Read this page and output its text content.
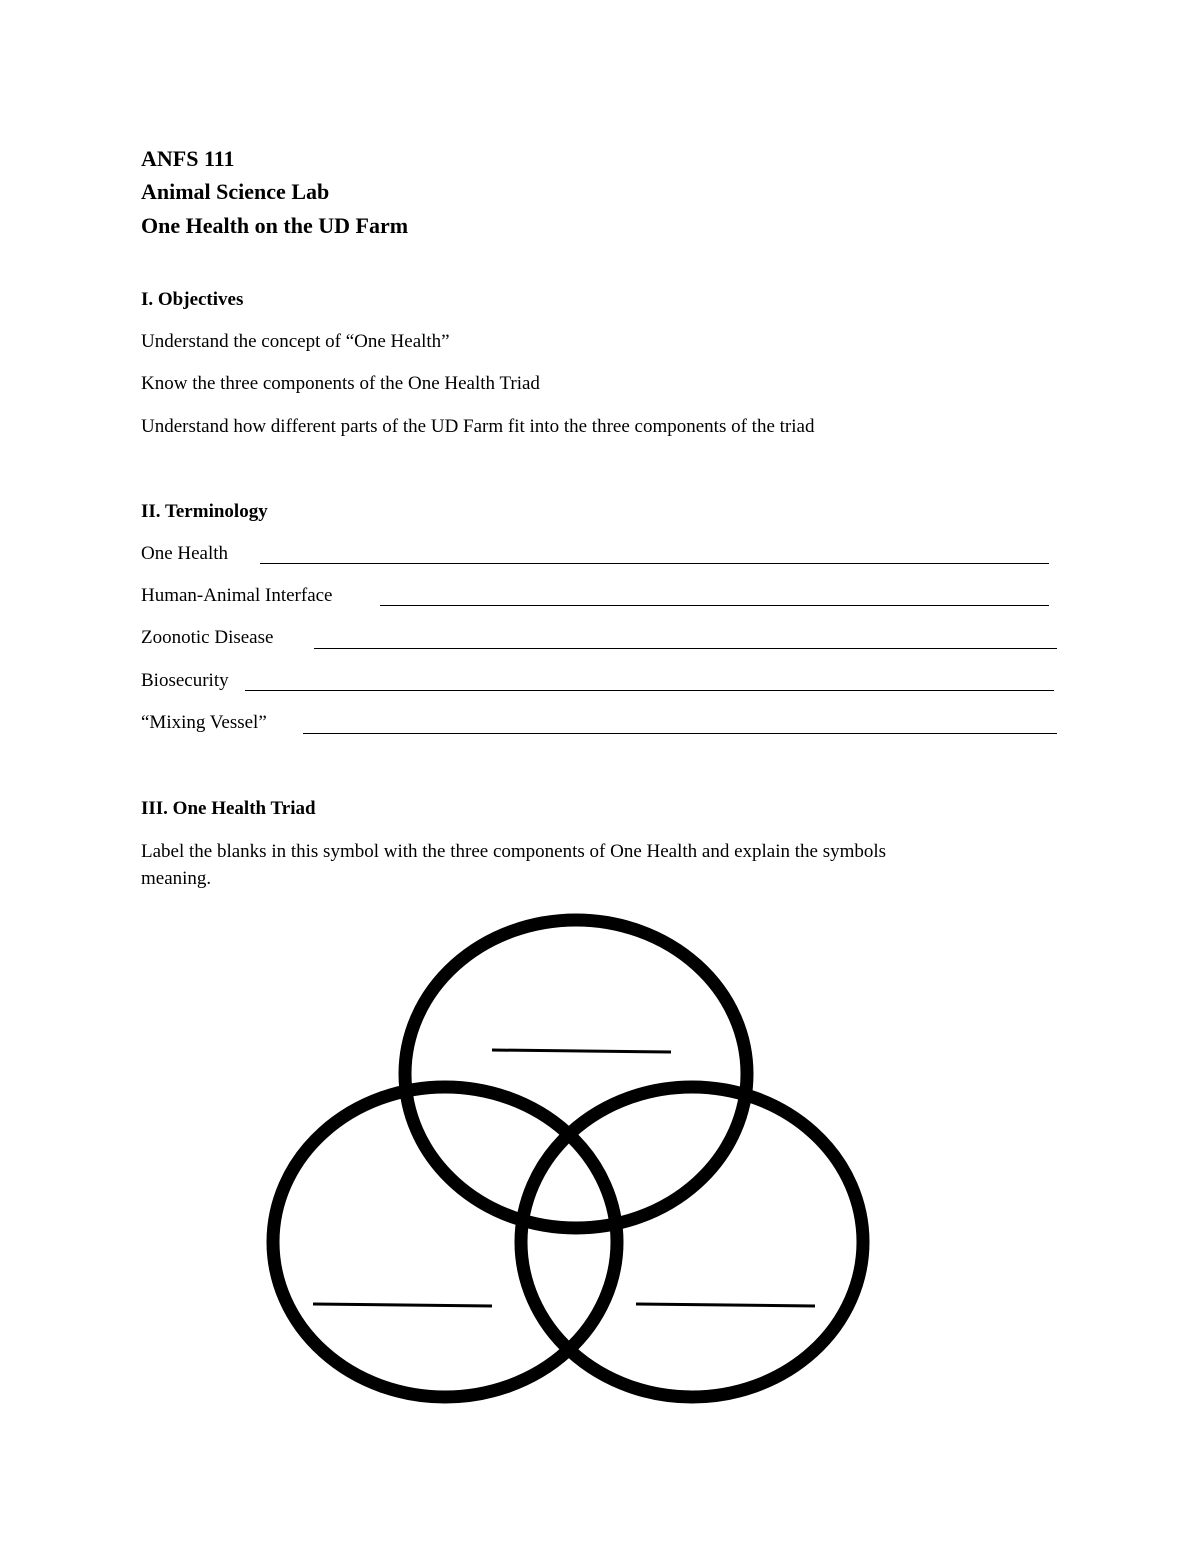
ANFS 111
Animal Science Lab
One Health on the UD Farm
I. Objectives
Understand the concept of “One Health”
Know the three components of the One Health Triad
Understand how different parts of the UD Farm fit into the three components of the triad
II. Terminology
One Health
Human-Animal Interface
Zoonotic Disease
Biosecurity
“Mixing Vessel”
III. One Health Triad
Label the blanks in this symbol with the three components of One Health and explain the symbols
meaning.
